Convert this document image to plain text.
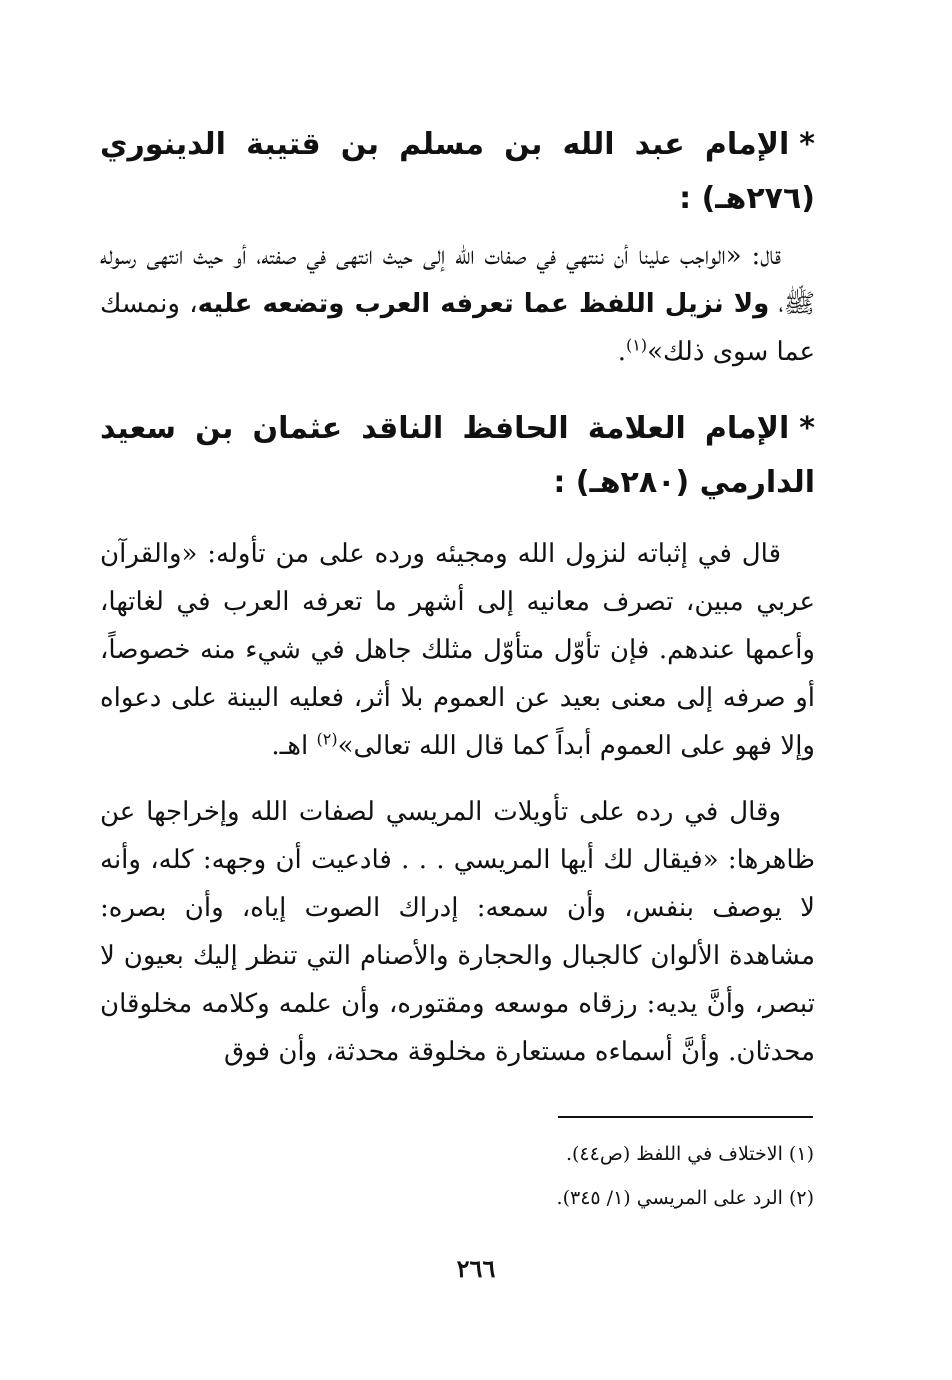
*الإمام عبد الله بن مسلم بن قتيبة الدينوري (٢٧٦هـ) :

قال: «الواجب علينا أن ننتهي في صفات الله إلى حيث انتهى في صفته، أو حيث انتهى رسوله ﷺ، ولا نزيل اللفظ عما تعرفه العرب وتضعه عليه، ونمسك عما سوى ذلك»$^{(١)}$.

*الإمام العلامة الحافظ الناقد عثمان بن سعيد الدارمي (٢٨٠هـ) :

قال في إثباته لنزول الله ومجيئه ورده على من تأوله: «والقرآن عربي مبين، تصرف معانيه إلى أشهر ما تعرفه العرب في لغاتها، وأعمها عندهم. فإن تأوّل متأوّل مثلك جاهل في شيء منه خصوصاً، أو صرفه إلى معنى بعيد عن العموم بلا أثر، فعليه البينة على دعواه وإلا فهو على العموم أبداً كما قال الله تعالى»$^{(٢)}$ اهـ.

وقال في رده على تأويلات المريسي لصفات الله وإخراجها عن ظاهرها: «فيقال لك أيها المريسي . . . فادعيت أن وجهه: كله، وأنه لا يوصف بنفس، وأن سمعه: إدراك الصوت إياه، وأن بصره: مشاهدة الألوان كالجبال والحجارة والأصنام التي تنظر إليك بعيون لا تبصر، وأنَّ يديه: رزقاه موسعه ومقتوره، وأن علمه وكلامه مخلوقان محدثان. وأنَّ أسماءه مستعارة مخلوقة محدثة، وأن فوق

(١) الاختلاف في اللفظ (ص٤٤).
(٢) الرد على المريسي (١/ ٣٤٥).
٢٦٦
